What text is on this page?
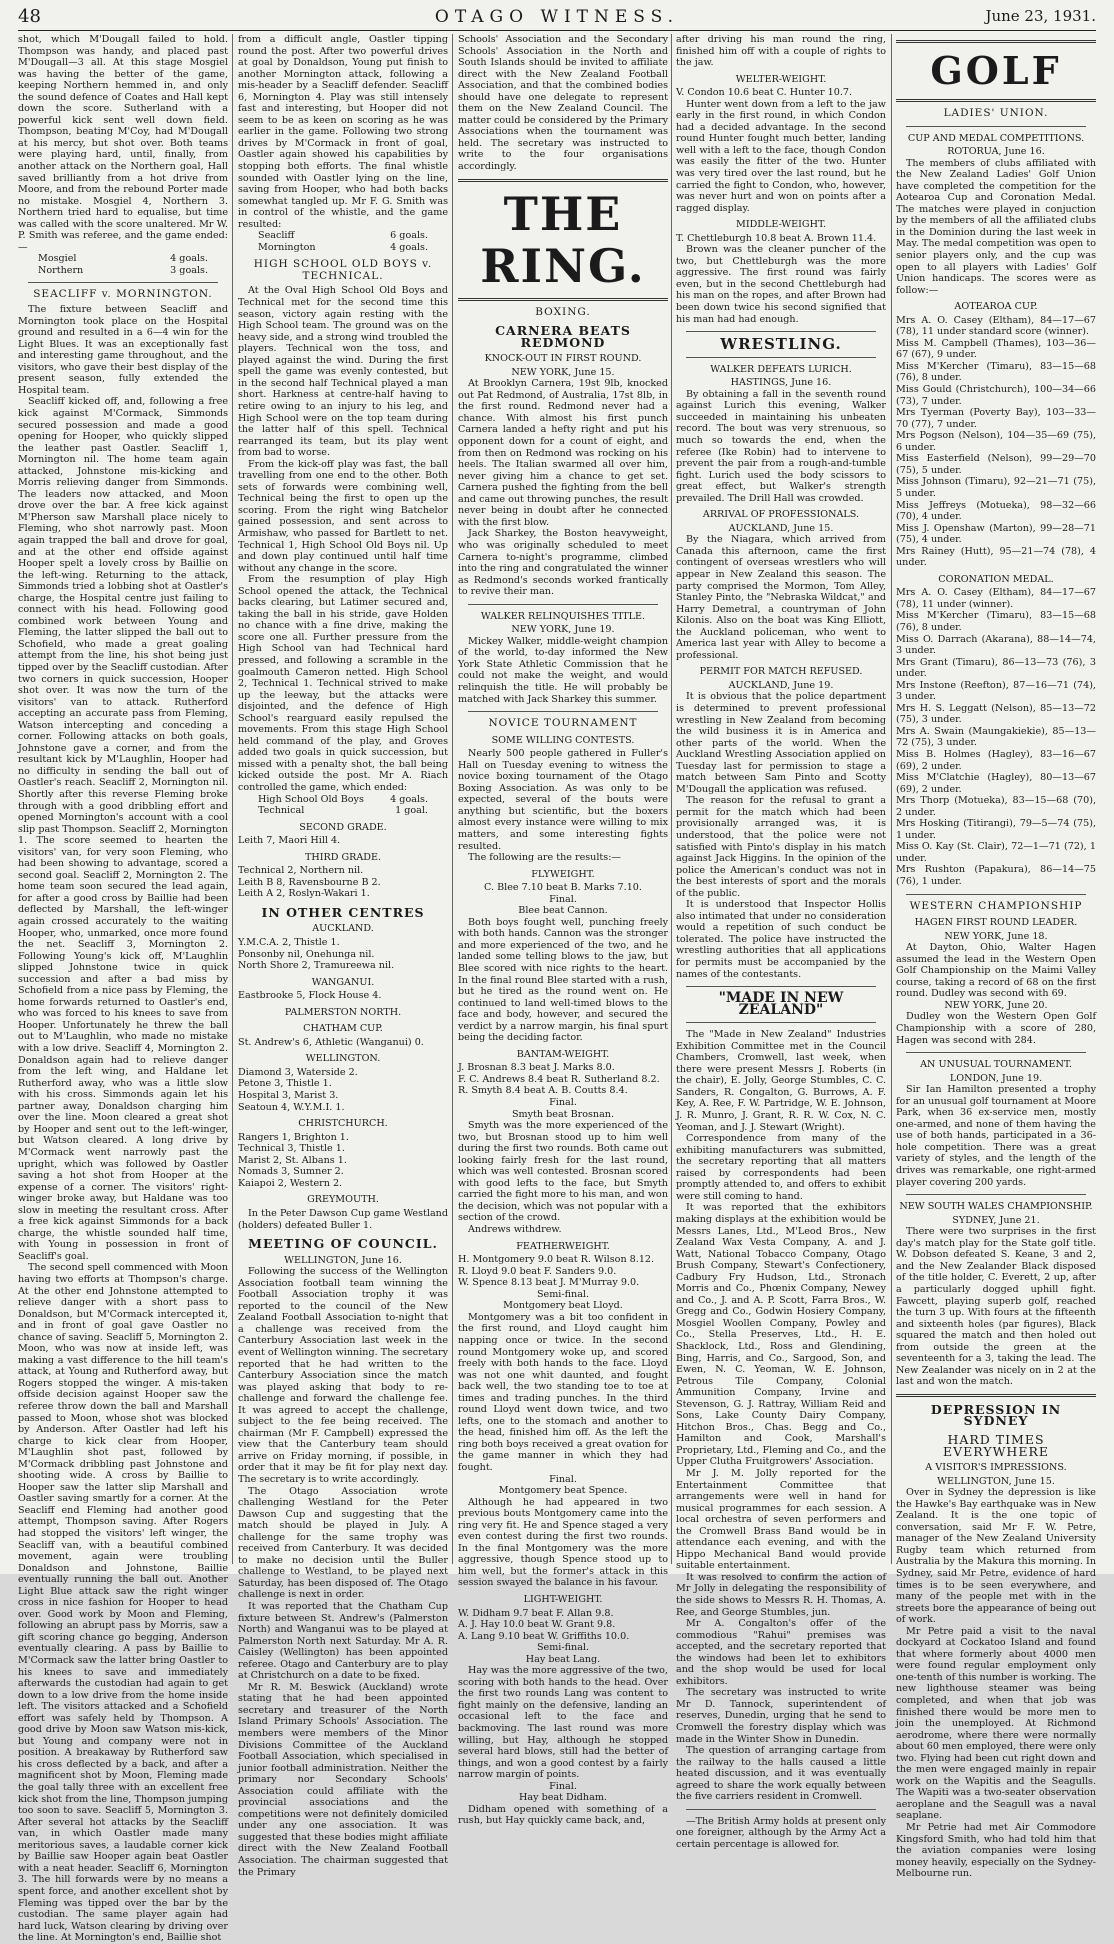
48	OTAGO WITNESS.	June 23, 1931.

shot, which M'Dougall failed to hold. Thompson was handy, and placed past M'Dougall—3 all. At this stage Mosgiel was having the better of the game, keeping Northern hemmed in, and only the sound defence of Coates and Hall kept down the score. Sutherland with a powerful kick sent well down field. Thompson, beating M'Coy, had M'Dougall at his mercy, but shot over. Both teams were playing hard, until, finally, from another attack on the Northern goal, Hall saved brilliantly from a hot drive from Moore, and from the rebound Porter made no mistake. Mosgiel 4, Northern 3. Northern tried hard to equalise, but time was called with the score unaltered. Mr W. P. Smith was referee, and the game ended:—

Mosgiel	4 goals.
Northern	3 goals.
SEACLIFF v. MORNINGTON.

The fixture between Seacliff and Mornington took place on the Hospital ground and resulted in a 6—4 win for the Light Blues. It was an exceptionally fast and interesting game throughout, and the visitors, who gave their best display of the present season, fully extended the Hospital team.

Seacliff kicked off, and, following a free kick against M'Cormack, Simmonds secured possession and made a good opening for Hooper, who quickly slipped the leather past Oastler. Seacliff 1, Mornington nil. The home team again attacked, Johnstone mis-kicking and Morris relieving danger from Simmonds. The leaders now attacked, and Moon drove over the bar. A free kick against M'Pherson saw Marshall place nicely to Fleming, who shot narrowly past. Moon again trapped the ball and drove for goal, and at the other end offside against Hooper spelt a lovely cross by Baillie on the left-wing. Returning to the attack, Simmonds tried a lobbing shot at Oastler's charge, the Hospital centre just failing to connect with his head. Following good combined work between Young and Fleming, the latter slipped the ball out to Schofield, who made a great goaling attempt from the line, his shot being just tipped over by the Seacliff custodian. After two corners in quick succession, Hooper shot over. It was now the turn of the visitors' van to attack. Rutherford accepting an accurate pass from Fleming, Watson intercepting and conceding a corner. Following attacks on both goals, Johnstone gave a corner, and from the resultant kick by M'Laughlin, Hooper had no difficulty in sending the ball out of Oastler's reach. Seacliff 2, Mornington nil. Shortly after this reverse Fleming broke through with a good dribbling effort and opened Mornington's account with a cool slip past Thompson. Seacliff 2, Mornington 1. The score seemed to hearten the visitors' van, for very soon Fleming, who had been showing to advantage, scored a second goal. Seacliff 2, Mornington 2. The home team soon secured the lead again, for after a good cross by Baillie had been deflected by Marshall, the left-winger again crossed accurately to the waiting Hooper, who, unmarked, once more found the net. Seacliff 3, Mornington 2. Following Young's kick off, M'Laughlin slipped Johnstone twice in quick succession and after a bad miss by Schofield from a nice pass by Fleming, the home forwards returned to Oastler's end, who was forced to his knees to save from Hooper. Unfortunately he threw the ball out to M'Laughlin, who made no mistake with a low drive. Seacliff 4, Mornington 2. Donaldson again had to relieve danger from the left wing, and Haldane let Rutherford away, who was a little slow with his cross. Simmonds again let his partner away, Donaldson charging him over the line. Moon cleared a great shot by Hooper and sent out to the left-winger, but Watson cleared. A long drive by M'Cormack went narrowly past the upright, which was followed by Oastler saving a hot shot from Hooper at the expense of a corner. The visitors' right-winger broke away, but Haldane was too slow in meeting the resultant cross. After a free kick against Simmonds for a back charge, the whistle sounded half time, with Young in possession in front of Seacliff's goal.

The second spell commenced with Moon having two efforts at Thompson's charge. At the other end Johnstone attempted to relieve danger with a short pass to Donaldson, but M'Cormack intercepted it, and in front of goal gave Oastler no chance of saving. Seacliff 5, Mornington 2. Moon, who was now at inside left, was making a vast difference to the hill team's attack, at Young and Rutherford away, but Rogers stopped the winger. A mis-taken offside decision against Hooper saw the referee throw down the ball and Marshall passed to Moon, whose shot was blocked by Anderson. After Oastler had left his charge to kick clear from Hooper, M'Laughlin shot past, followed by M'Cormack dribbling past Johnstone and shooting wide. A cross by Baillie to Hooper saw the latter slip Marshall and Oastler saving smartly for a corner. At the Seacliff end Fleming had another good attempt, Thompson saving. After Rogers had stopped the visitors' left winger, the Seacliff van, with a beautiful combined movement, again were troubling Donaldson and Johnstone, Baillie eventually running the ball out. Another Light Blue attack saw the right winger cross in nice fashion for Hooper to head over. Good work by Moon and Fleming, following an abrupt pass by Morris, saw a gift scoring chance go begging, Anderson eventually clearing. A pass by Baillie to M'Cormack saw the latter bring Oastler to his knees to save and immediately afterwards the custodian had again to get down to a low drive from the home inside left. The visitors attacked and a Schofield effort was safely held by Thompson. A good drive by Moon saw Watson mis-kick, but Young and company were not in position. A breakaway by Rutherford saw his cross deflected by a back, and after a magnificent shot by Moon, Fleming made the goal tally three with an excellent free kick shot from the line, Thompson jumping too soon to save. Seacliff 5, Mornington 3. After several hot attacks by the Seacliff van, in which Oastler made many meritorious saves, a laudable corner kick by Baillie saw Hooper again beat Oastler with a neat header. Seacliff 6, Mornington 3. The hill forwards were by no means a spent force, and another excellent shot by Fleming was tipped over the bar by the custodian. The same player again had hard luck, Watson clearing by driving over the line. At Mornington's end, Baillie shot

from a difficult angle, Oastler tipping round the post. After two powerful drives at goal by Donaldson, Young put finish to another Mornington attack, following a mis-header by a Seacliff defender. Seacliff 6, Mornington 4. Play was still intensely fast and interesting, but Hooper did not seem to be as keen on scoring as he was earlier in the game. Following two strong drives by M'Cormack in front of goal, Oastler again showed his capabilities by stopping both efforts. The final whistle sounded with Oastler lying on the line, saving from Hooper, who had both backs somewhat tangled up. Mr F. G. Smith was in control of the whistle, and the game resulted:

Seacliff	6 goals.
Mornington	4 goals.
HIGH SCHOOL OLD BOYS v. TECHNICAL.

At the Oval High School Old Boys and Technical met for the second time this season, victory again resting with the High School team. The ground was on the heavy side, and a strong wind troubled the players. Technical won the toss, and played against the wind. During the first spell the game was evenly contested, but in the second half Technical played a man short. Harkness at centre-half having to retire owing to an injury to his leg, and High School were on the top team during the latter half of this spell. Technical rearranged its team, but its play went from bad to worse.

From the kick-off play was fast, the ball travelling from one end to the other. Both sets of forwards were combining well, Technical being the first to open up the scoring. From the right wing Batchelor gained possession, and sent across to Armishaw, who passed for Bartlett to net. Technical 1, High School Old Boys nil. Up and down play continued until half time without any change in the score.

From the resumption of play High School opened the attack, the Technical backs clearing, but Latimer secured and, taking the ball in his stride, gave Holden no chance with a fine drive, making the score one all. Further pressure from the High School van had Technical hard pressed, and following a scramble in the goalmouth Cameron netted. High School 2, Technical 1. Technical strived to make up the leeway, but the attacks were disjointed, and the defence of High School's rearguard easily repulsed the movements. From this stage High School held command of the play, and Groves added two goals in quick succession, but missed with a penalty shot, the ball being kicked outside the post. Mr A. Riach controlled the game, which ended:

High School Old Boys	4 goals.
Technical	1 goal.
SECOND GRADE.

Leith 7, Maori Hill 4.

THIRD GRADE.

Technical 2, Northern nil.

Leith B 8, Ravensbourne B 2.

Leith A 2, Roslyn-Wakari 1.

IN OTHER CENTRES
AUCKLAND.

Y.M.C.A. 2, Thistle 1.

Ponsonby nil, Onehunga nil.

North Shore 2, Tramureewa nil.

WANGANUI.

Eastbrooke 5, Flock House 4.

PALMERSTON NORTH.
CHATHAM CUP.

St. Andrew's 6, Athletic (Wanganui) 0.

WELLINGTON.

Diamond 3, Waterside 2.

Petone 3, Thistle 1.

Hospital 3, Marist 3.

Seatoun 4, W.Y.M.I. 1.

CHRISTCHURCH.

Rangers 1, Brighton 1.

Technical 3, Thistle 1.

Marist 2, St. Albans 1.

Nomads 3, Sumner 2.

Kaiapoi 2, Western 2.

GREYMOUTH.

In the Peter Dawson Cup game Westland (holders) defeated Buller 1.

MEETING OF COUNCIL.

WELLINGTON, June 16.

Following the success of the Wellington Association football team winning the Football Association trophy it was reported to the council of the New Zealand Football Association to-night that a challenge was received from the Canterbury Association last week in the event of Wellington winning. The secretary reported that he had written to the Canterbury Association since the match was played asking that body to re-challenge and forward the challenge fee. It was agreed to accept the challenge, subject to the fee being received. The chairman (Mr F. Campbell) expressed the view that the Canterbury team should arrive on Friday morning, if possible, in order that it may be fit for play next day. The secretary is to write accordingly.

The Otago Association wrote challenging Westland for the Peter Dawson Cup and suggesting that the match should be played in July. A challenge for the same trophy was received from Canterbury. It was decided to make no decision until the Buller challenge to Westland, to be played next Saturday, has been disposed of. The Otago challenge is next in order.

It was reported that the Chatham Cup fixture between St. Andrew's (Palmerston North) and Wanganui was to be played at Palmerston North next Saturday. Mr A. R. Caisley (Wellington) has been appointed referee. Otago and Canterbury are to play at Christchurch on a date to be fixed.

Mr R. M. Beswick (Auckland) wrote stating that he had been appointed secretary and treasurer of the North Island Primary Schools' Association. The members were members of the Minor Divisions Committee of the Auckland Football Association, which specialised in junior football administration. Neither the primary nor Secondary Schools' Association could affiliate with the provincial associations and the competitions were not definitely domiciled under any one association. It was suggested that these bodies might affiliate direct with the New Zealand Football Association. The chairman suggested that the Primary

Schools' Association and the Secondary Schools' Association in the North and South Islands should be invited to affiliate direct with the New Zealand Football Association, and that the combined bodies should have one delegate to represent them on the New Zealand Council. The matter could be considered by the Primary Associations when the tournament was held. The secretary was instructed to write to the four organisations accordingly.

THE RING.
BOXING.
CARNERA BEATS REDMOND
KNOCK-OUT IN FIRST ROUND.

NEW YORK, June 15.

At Brooklyn Carnera, 19st 9lb, knocked out Pat Redmond, of Australia, 17st 8lb, in the first round. Redmond never had a chance. With almost his first punch Carnera landed a hefty right and put his opponent down for a count of eight, and from then on Redmond was rocking on his heels. The Italian swarmed all over him, never giving him a chance to get set. Carnera pushed the fighting from the bell and came out throwing punches, the result never being in doubt after he connected with the first blow.

Jack Sharkey, the Boston heavyweight, who was originally scheduled to meet Carnera to-night's programme, climbed into the ring and congratulated the winner as Redmond's seconds worked frantically to revive their man.

WALKER RELINQUISHES TITLE.

NEW YORK, June 19.

Mickey Walker, middle-weight champion of the world, to-day informed the New York State Athletic Commission that he could not make the weight, and would relinquish the title. He will probably be matched with Jack Sharkey this summer.

NOVICE TOURNAMENT
SOME WILLING CONTESTS.

Nearly 500 people gathered in Fuller's Hall on Tuesday evening to witness the novice boxing tournament of the Otago Boxing Association. As was only to be expected, several of the bouts were anything but scientific, but the boxers almost every instance were willing to mix matters, and some interesting fights resulted.

The following are the results:—

FLYWEIGHT.

C. Blee 7.10 beat B. Marks 7.10.

Final.

Blee beat Cannon.

Both boys fought well, punching freely with both hands. Cannon was the stronger and more experienced of the two, and he landed some telling blows to the jaw, but Blee scored with nice rights to the heart. In the final round Blee started with a rush, but he tired as the round went on. He continued to land well-timed blows to the face and body, however, and secured the verdict by a narrow margin, his final spurt being the deciding factor.

BANTAM-WEIGHT.

J. Brosnan 8.3 beat J. Marks 8.0.

F. C. Andrews 8.4 beat R. Sutherland 8.2.

R. Smyth 8.4 beat A. B. Coutts 8.4.

Final.

Smyth beat Brosnan.

Smyth was the more experienced of the two, but Brosnan stood up to him well during the first two rounds. Both came out looking fairly fresh for the last round, which was well contested. Brosnan scored with good lefts to the face, but Smyth carried the fight more to his man, and won the decision, which was not popular with a section of the crowd.

Andrews withdrew.

FEATHERWEIGHT.

H. Montgomery 9.0 beat R. Wilson 8.12.

R. Lloyd 9.0 beat F. Sanders 9.0.

W. Spence 8.13 beat J. M'Murray 9.0.

Semi-final.

Montgomery beat Lloyd.

Montgomery was a bit too confident in the first round, and Lloyd caught him napping once or twice. In the second round Montgomery woke up, and scored freely with both hands to the face. Lloyd was not one whit daunted, and fought back well, the two standing toe to toe at times and trading punches. In the third round Lloyd went down twice, and two lefts, one to the stomach and another to the head, finished him off. As the left the ring both boys received a great ovation for the game manner in which they had fought.

Final.

Montgomery beat Spence.

Although he had appeared in two previous bouts Montgomery came into the ring very fit. He and Spence staged a very even contest during the first two rounds. In the final Montgomery was the more aggressive, though Spence stood up to him well, but the former's attack in this session swayed the balance in his favour.

LIGHT-WEIGHT.

W. Didham 9.7 beat F. Allan 9.8.

A. J. Hay 10.0 beat W. Grant 9.8.

A. Lang 9.10 beat W. Griffiths 10.0.

Semi-final.

Hay beat Lang.

Hay was the more aggressive of the two, scoring with both hands to the head. Over the first two rounds Lang was content to fight mainly on the defensive, landing an occasional left to the face and backmoving. The last round was more willing, but Hay, although he stopped several hard blows, still had the better of things, and won a good contest by a fairly narrow margin of points.

Final.

Hay beat Didham.

Didham opened with something of a rush, but Hay quickly came back, and,

after driving his man round the ring, finished him off with a couple of rights to the jaw.

WELTER-WEIGHT.

V. Condon 10.6 beat C. Hunter 10.7.

Hunter went down from a left to the jaw early in the first round, in which Condon had a decided advantage. In the second round Hunter fought much better, landing well with a left to the face, though Condon was easily the fitter of the two. Hunter was very tired over the last round, but he carried the fight to Condon, who, however, was never hurt and won on points after a ragged display.

MIDDLE-WEIGHT.

T. Chettleburgh 10.8 beat A. Brown 11.4.

Brown was the cleaner puncher of the two, but Chettleburgh was the more aggressive. The first round was fairly even, but in the second Chettleburgh had his man on the ropes, and after Brown had been down twice his second signified that his man had had enough.

WRESTLING.
WALKER DEFEATS LURICH.

HASTINGS, June 16.

By obtaining a fall in the seventh round against Lurich this evening, Walker succeeded in maintaining his unbeaten record. The bout was very strenuous, so much so towards the end, when the referee (Ike Robin) had to intervene to prevent the pair from a rough-and-tumble fight. Lurich used the body scissors to great effect, but Walker's strength prevailed. The Drill Hall was crowded.

ARRIVAL OF PROFESSIONALS.

AUCKLAND, June 15.

By the Niagara, which arrived from Canada this afternoon, came the first contingent of overseas wrestlers who will appear in New Zealand this season. The party comprised the Mormon, Tom Alley, Stanley Pinto, the "Nebraska Wildcat," and Harry Demetral, a countryman of John Kilonis. Also on the boat was King Elliott, the Auckland policeman, who went to America last year with Alley to become a professional.

PERMIT FOR MATCH REFUSED.

AUCKLAND, June 19.

It is obvious that the police department is determined to prevent professional wrestling in New Zealand from becoming the wild business it is in America and other parts of the world. When the Auckland Wrestling Association applied on Tuesday last for permission to stage a match between Sam Pinto and Scotty M'Dougall the application was refused.

The reason for the refusal to grant a permit for the match which had been provisionally arranged was, it is understood, that the police were not satisfied with Pinto's display in his match against Jack Higgins. In the opinion of the police the American's conduct was not in the best interests of sport and the morals of the public.

It is understood that Inspector Hollis also intimated that under no consideration would a repetition of such conduct be tolerated. The police have instructed the wrestling authorities that all applications for permits must be accompanied by the names of the contestants.

"MADE IN NEW ZEALAND"

The "Made in New Zealand" Industries Exhibition Committee met in the Council Chambers, Cromwell, last week, when there were present Messrs J. Roberts (in the chair), E. Jolly, George Stumbles, C. C. Sanders, R. Congalton, G. Burrows, A. F. Key, A. Ree, F. W. Partridge, W. E. Johnson, J. R. Munro, J. Grant, R. R. W. Cox, N. C. Yeoman, and J. J. Stewart (Wright).

Correspondence from many of the exhibiting manufacturers was submitted, the secretary reporting that all matters raised by correspondents had been promptly attended to, and offers to exhibit were still coming to hand.

It was reported that the exhibitors making displays at the exhibition would be Messrs Lanes, Ltd., M'Leod Bros., New Zealand Wax Vesta Company, A. and J. Watt, National Tobacco Company, Otago Brush Company, Stewart's Confectionery, Cadbury Fry Hudson, Ltd., Stronach Morris and Co., Phœnix Company, Newey and Co., J. and A. P. Scott, Farra Bros., W. Gregg and Co., Godwin Hosiery Company, Mosgiel Woollen Company, Powley and Co., Stella Preserves, Ltd., H. E. Shacklock, Ltd., Ross and Glendining, Bing, Harris, and Co., Sargood, Son, and Ewen, N. C. Yeoman, W. E. Johnson, Petrous Tile Company, Colonial Ammunition Company, Irvine and Stevenson, G. J. Rattray, William Reid and Sons, Lake County Dairy Company, Hitchon Bros., Chas. Begg and Co., Hamilton and Cook, Marshall's Proprietary, Ltd., Fleming and Co., and the Upper Clutha Fruitgrowers' Association.

Mr J. M. Jolly reported for the Entertainment Committee that arrangements were well in hand for musical programmes for each session. A local orchestra of seven performers and the Cromwell Brass Band would be in attendance each evening, and with the Hippo Mechanical Band would provide suitable entertainment.

It was resolved to confirm the action of Mr Jolly in delegating the responsibility of the side shows to Messrs R. H. Thomas, A. Ree, and George Stumbles, jun.

Mr A. Congalton's offer of the commodious "Rahui" premises was accepted, and the secretary reported that the windows had been let to exhibitors and the shop would be used for local exhibitors.

The secretary was instructed to write Mr D. Tannock, superintendent of reserves, Dunedin, urging that he send to Cromwell the forestry display which was made in the Winter Show in Dunedin.

The question of arranging cartage from the railway to the halls caused a little heated discussion, and it was eventually agreed to share the work equally between the five carriers resident in Cromwell.

—The British Army holds at present only one foreigner, although by the Army Act a certain percentage is allowed for.

GOLF
LADIES' UNION.
CUP AND MEDAL COMPETITIONS.

ROTORUA, June 16.

The members of clubs affiliated with the New Zealand Ladies' Golf Union have completed the competition for the Aotearoa Cup and Coronation Medal. The matches were played in conjuction by the members of all the affiliated clubs in the Dominion during the last week in May. The medal competition was open to senior players only, and the cup was open to all players with Ladies' Golf Union handicaps. The scores were as follow:—

AOTEAROA CUP.

Mrs A. O. Casey (Eltham), 84—17—67 (78), 11 under standard score (winner).

Miss M. Campbell (Thames), 103—36—67 (67), 9 under.

Miss M'Kercher (Timaru), 83—15—68 (76), 8 under.

Miss Gould (Christchurch), 100—34—66 (73), 7 under.

Mrs Tyerman (Poverty Bay), 103—33—70 (77), 7 under.

Mrs Pogson (Nelson), 104—35—69 (75), 6 under.

Miss Easterfield (Nelson), 99—29—70 (75), 5 under.

Miss Johnson (Timaru), 92—21—71 (75), 5 under.

Miss Jeffreys (Motueka), 98—32—66 (70), 4 under.

Miss J. Openshaw (Marton), 99—28—71 (75), 4 under.

Mrs Rainey (Hutt), 95—21—74 (78), 4 under.

CORONATION MEDAL.

Mrs A. O. Casey (Eltham), 84—17—67 (78), 11 under (winner).

Miss M'Kercher (Timaru), 83—15—68 (76), 8 under.

Miss O. Darrach (Akarana), 88—14—74, 3 under.

Mrs Grant (Timaru), 86—13—73 (76), 3 under.

Mrs Instone (Reefton), 87—16—71 (74), 3 under.

Mrs H. S. Leggatt (Nelson), 85—13—72 (75), 3 under.

Mrs A. Swain (Maungakiekie), 85—13—72 (75), 3 under.

Miss B. Holmes (Hagley), 83—16—67 (69), 2 under.

Miss M'Clatchie (Hagley), 80—13—67 (69), 2 under.

Mrs Thorp (Motueka), 83—15—68 (70), 2 under.

Mrs Hosking (Titirangi), 79—5—74 (75), 1 under.

Miss O. Kay (St. Clair), 72—1—71 (72), 1 under.

Mrs Rushton (Papakura), 86—14—75 (76), 1 under.

WESTERN CHAMPIONSHIP
HAGEN FIRST ROUND LEADER.

NEW YORK, June 18.

At Dayton, Ohio, Walter Hagen assumed the lead in the Western Open Golf Championship on the Maimi Valley course, taking a record of 68 on the first round. Dudley was second with 69.

NEW YORK, June 20.

Dudley won the Western Open Golf Championship with a score of 280, Hagen was second with 284.

AN UNUSUAL TOURNAMENT.

LONDON, June 19.

Sir Ian Hamilton presented a trophy for an unusual golf tournament at Moore Park, when 36 ex-service men, mostly one-armed, and none of them having the use of both hands, participated in a 36-hole competition. There was a great variety of styles, and the length of the drives was remarkable, one right-armed player covering 200 yards.

NEW SOUTH WALES CHAMPIONSHIP.

SYDNEY, June 21.

There were two surprises in the first day's match play for the State golf title. W. Dobson defeated S. Keane, 3 and 2, and the New Zealander Black disposed of the title holder, C. Everett, 2 up, after a particularly dogged uphill fight. Fawcett, playing superb golf, reached the turn 3 up. With fours at the fifteenth and sixteenth holes (par figures), Black squared the match and then holed out from outside the green at the seventeenth for a 3, taking the lead. The New Zealander was nicely on in 2 at the last and won the match.

DEPRESSION IN SYDNEY
HARD TIMES EVERYWHERE
A VISITOR'S IMPRESSIONS.

WELLINGTON, June 15.

Over in Sydney the depression is like the Hawke's Bay earthquake was in New Zealand. It is the one topic of conversation, said Mr F. W. Petre, manager of the New Zealand University Rugby team which returned from Australia by the Makura this morning. In Sydney, said Mr Petre, evidence of hard times is to be seen everywhere, and many of the people met with in the streets bore the appearance of being out of work.

Mr Petre paid a visit to the naval dockyard at Cockatoo Island and found that where formerly about 4000 men were found regular employment only one-tenth of this number is working. The new lighthouse steamer was being completed, and when that job was finished there would be more men to join the unemployed. At Richmond aerodrome, where there were normally about 60 men employed, there were only two. Flying had been cut right down and the men were engaged mainly in repair work on the Wapitis and the Seagulls. The Wapiti was a two-seater observation aeroplane and the Seagull was a naval seaplane.

Mr Petrie had met Air Commodore Kingsford Smith, who had told him that the aviation companies were losing money heavily, especially on the Sydney-Melbourne run.
